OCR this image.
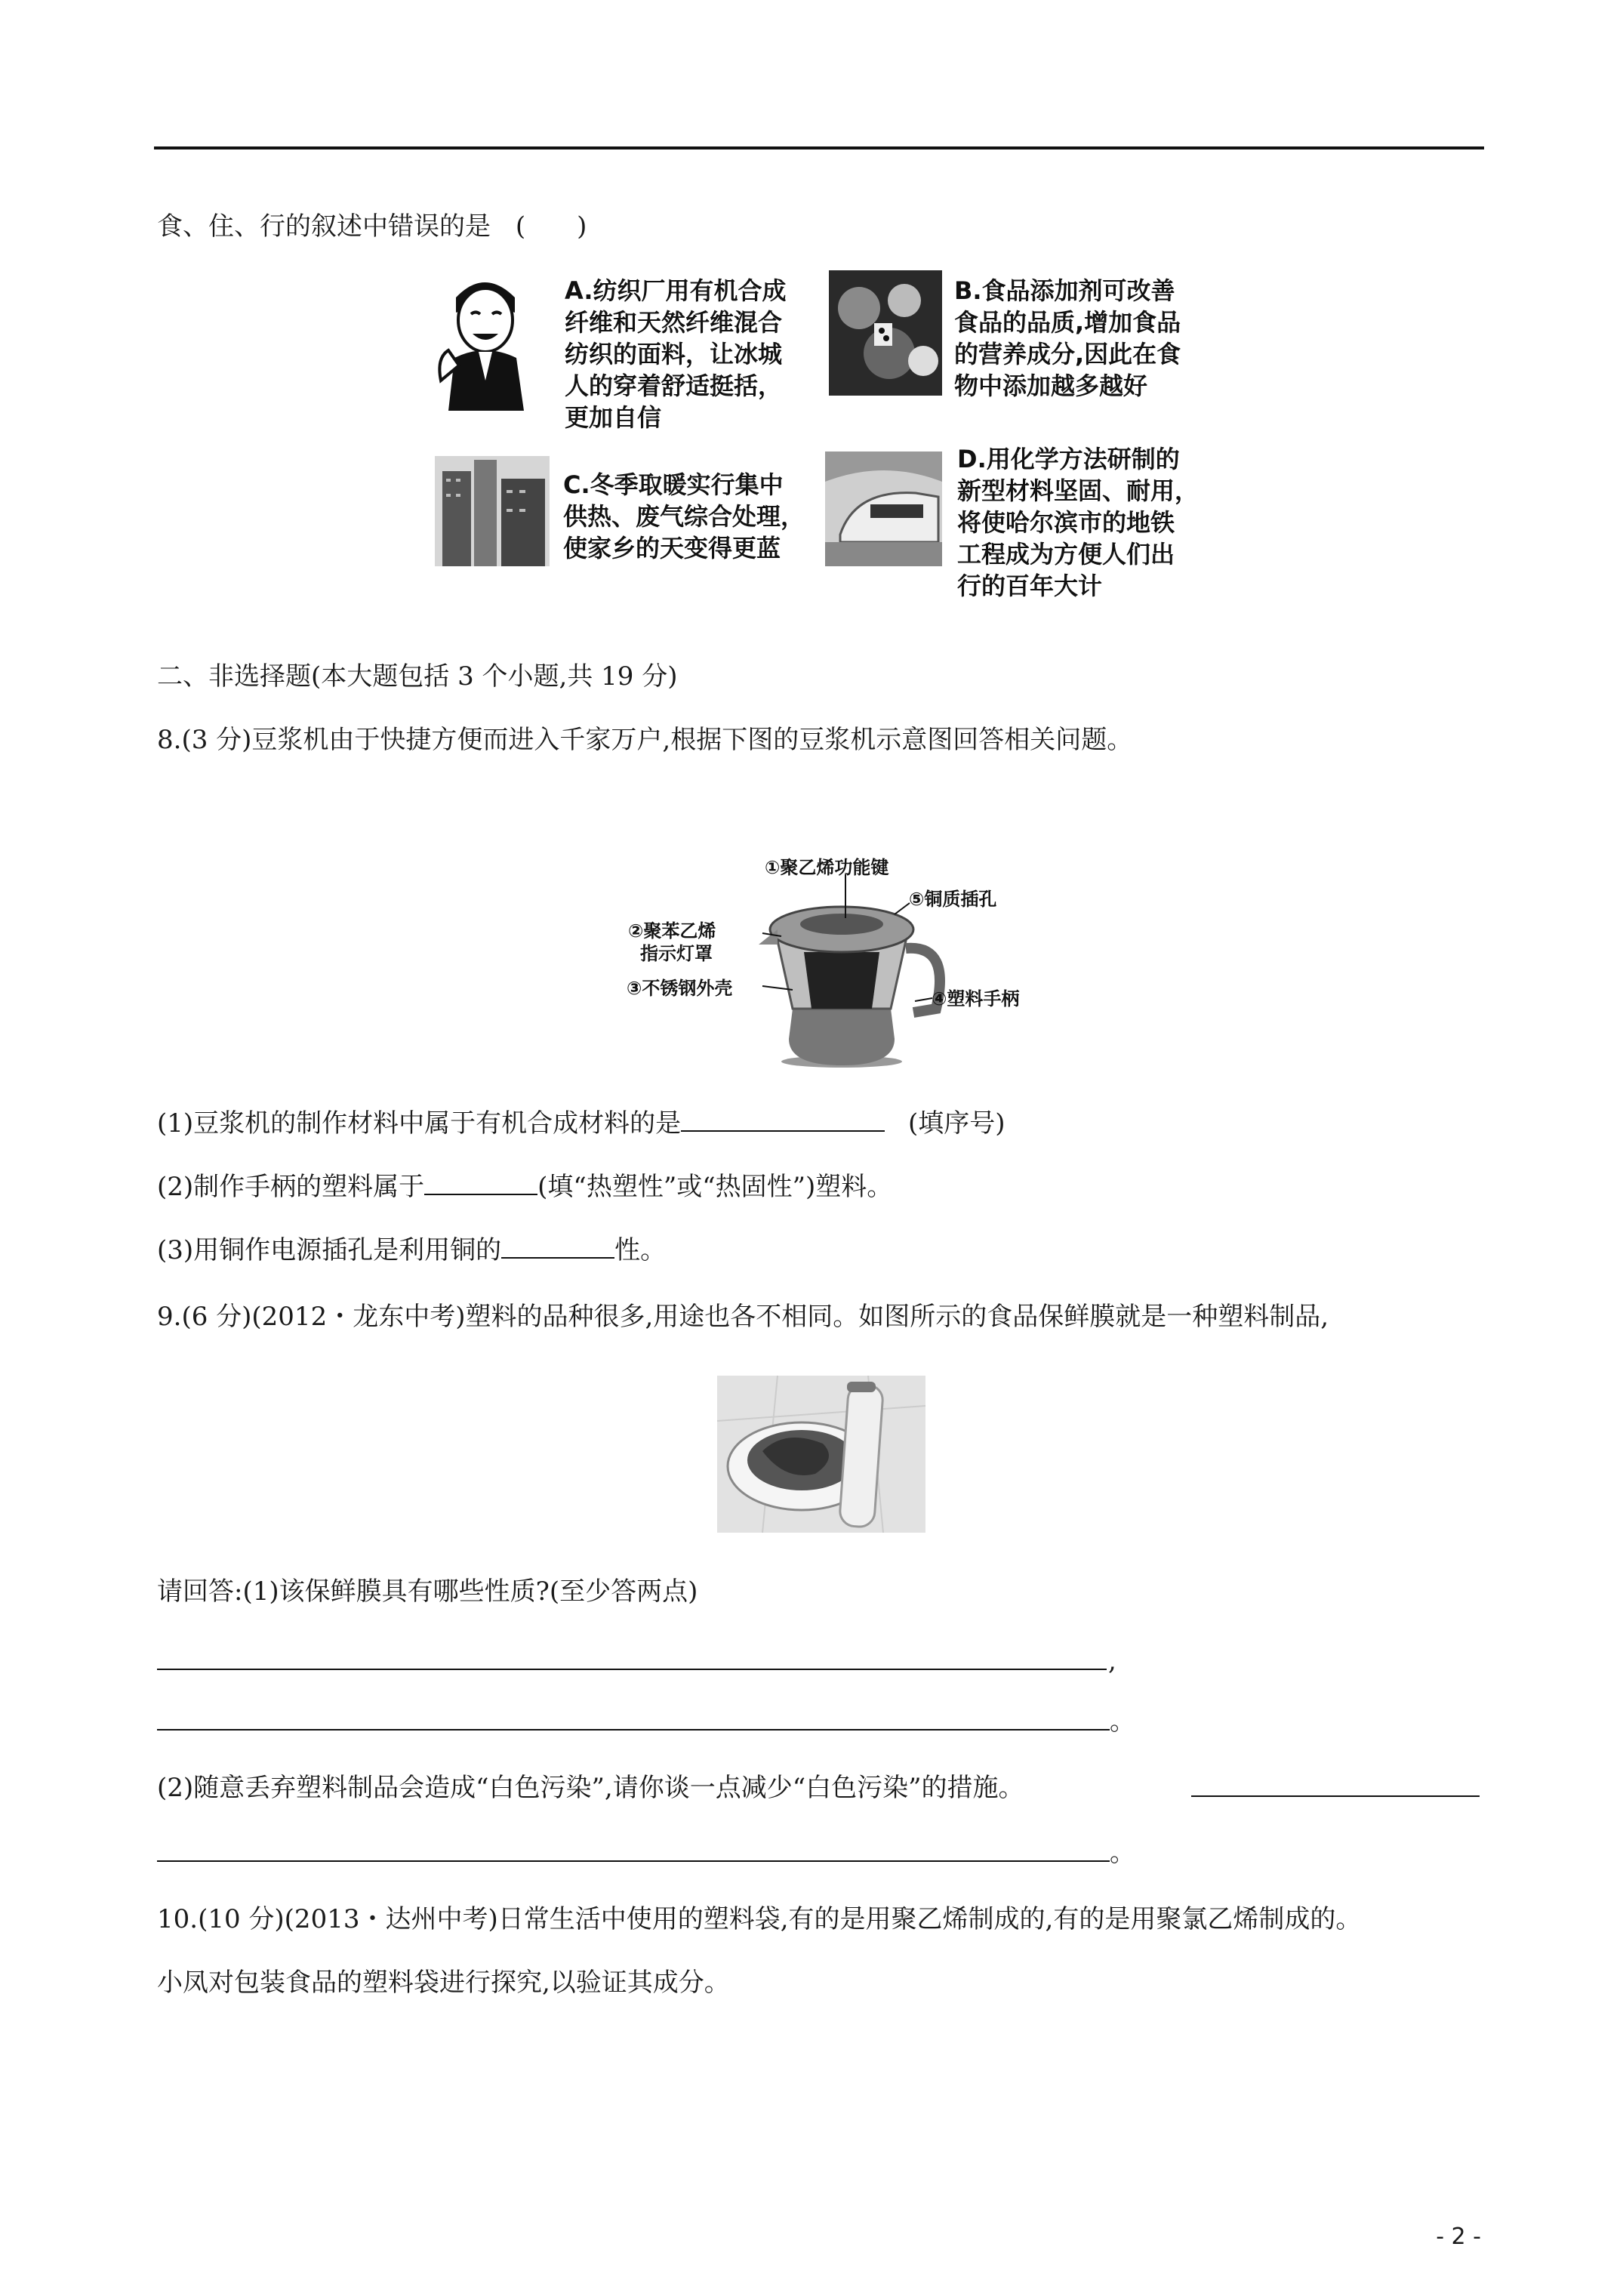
食、住、行的叙述中错误的是 (　　)
A.纺织厂用有机合成
纤维和天然纤维混合
纺织的面料，让冰城
人的穿着舒适挺括，
更加自信
B.食品添加剂可改善
食品的品质,增加食品
的营养成分,因此在食
物中添加越多越好
C.冬季取暖实行集中
供热、废气综合处理，
使家乡的天变得更蓝
D.用化学方法研制的
新型材料坚固、耐用，
将使哈尔滨市的地铁
工程成为方便人们出
行的百年大计
二、非选择题(本大题包括 3 个小题,共 19 分)
8.(3 分)豆浆机由于快捷方便而进入千家万户,根据下图的豆浆机示意图回答相关问题。
①聚乙烯功能键
②聚苯乙烯
指示灯罩
③不锈钢外壳	④塑料手柄
⑤铜质插孔
(1)豆浆机的制作材料中属于有机合成材料的是	(填序号)
(2)制作手柄的塑料属于	(填“热塑性”或“热固性”)塑料。
(3)用铜作电源插孔是利用铜的	性。
9.(6 分)(2012・龙东中考)塑料的品种很多,用途也各不相同。如图所示的食品保鲜膜就是一种塑料制品,
请回答:(1)该保鲜膜具有哪些性质?(至少答两点)
,
。
(2)随意丢弃塑料制品会造成“白色污染”,请你谈一点减少“白色污染”的措施。
。
10.(10 分)(2013・达州中考)日常生活中使用的塑料袋,有的是用聚乙烯制成的,有的是用聚氯乙烯制成的。
小凤对包装食品的塑料袋进行探究,以验证其成分。
- 2 -
